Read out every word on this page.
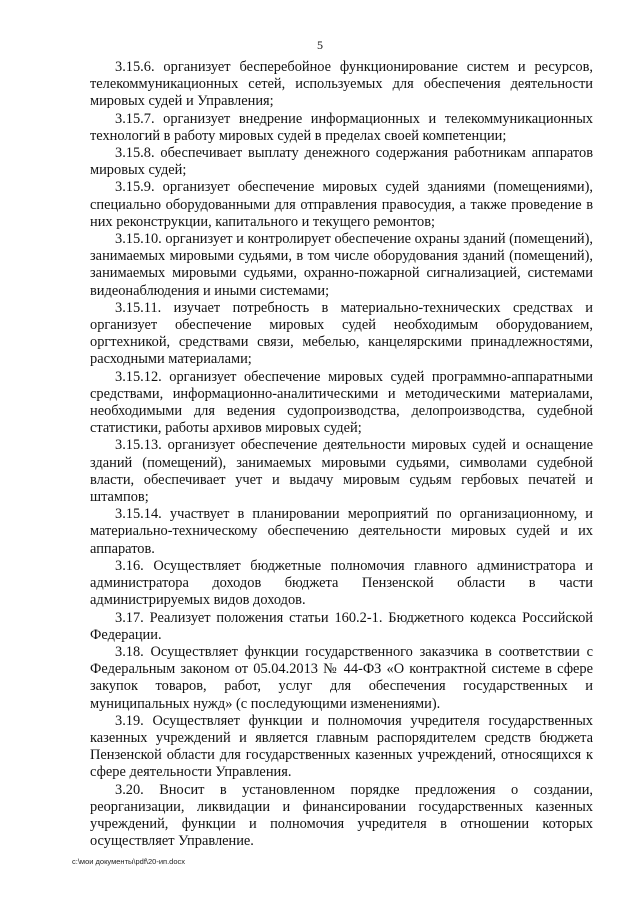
5

3.15.6. организует бесперебойное функционирование систем и ресурсов, телекоммуникационных сетей, используемых для обеспечения деятельности мировых судей и Управления;

3.15.7. организует внедрение информационных и телекоммуникационных технологий в работу мировых судей в пределах своей компетенции;

3.15.8. обеспечивает выплату денежного содержания работникам аппаратов мировых судей;

3.15.9. организует обеспечение мировых судей зданиями (помещениями), специально оборудованными для отправления правосудия, а также проведение в них реконструкции, капитального и текущего ремонтов;

3.15.10. организует и контролирует обеспечение охраны зданий (помещений), занимаемых мировыми судьями, в том числе оборудования зданий (помещений), занимаемых мировыми судьями, охранно-пожарной сигнализацией, системами видеонаблюдения и иными системами;

3.15.11. изучает потребность в материально-технических средствах и организует обеспечение мировых судей необходимым оборудованием, оргтехникой, средствами связи, мебелью, канцелярскими принадлежностями, расходными материалами;

3.15.12. организует обеспечение мировых судей программно-аппаратными средствами, информационно-аналитическими и методическими материалами, необходимыми для ведения судопроизводства, делопроизводства, судебной статистики, работы архивов мировых судей;

3.15.13. организует обеспечение деятельности мировых судей и оснащение зданий (помещений), занимаемых мировыми судьями, символами судебной власти, обеспечивает учет и выдачу мировым судьям гербовых печатей и штампов;

3.15.14. участвует в планировании мероприятий по организационному, и материально-техническому обеспечению деятельности мировых судей и их аппаратов.

3.16. Осуществляет бюджетные полномочия главного администратора и администратора доходов бюджета Пензенской области в части администрируемых видов доходов.

3.17. Реализует положения статьи 160.2-1. Бюджетного кодекса Российской Федерации.

3.18. Осуществляет функции государственного заказчика в соответствии с Федеральным законом от 05.04.2013 № 44-ФЗ «О контрактной системе в сфере закупок товаров, работ, услуг для обеспечения государственных и муниципальных нужд» (с последующими изменениями).

3.19. Осуществляет функции и полномочия учредителя государственных казенных учреждений и является главным распорядителем средств бюджета Пензенской области для государственных казенных учреждений, относящихся к сфере деятельности Управления.

3.20. Вносит в установленном порядке предложения о создании, реорганизации, ликвидации и финансировании государственных казенных учреждений, функции и полномочия учредителя в отношении которых осуществляет Управление.

c:\мои документы\pdf\20-ип.docx
